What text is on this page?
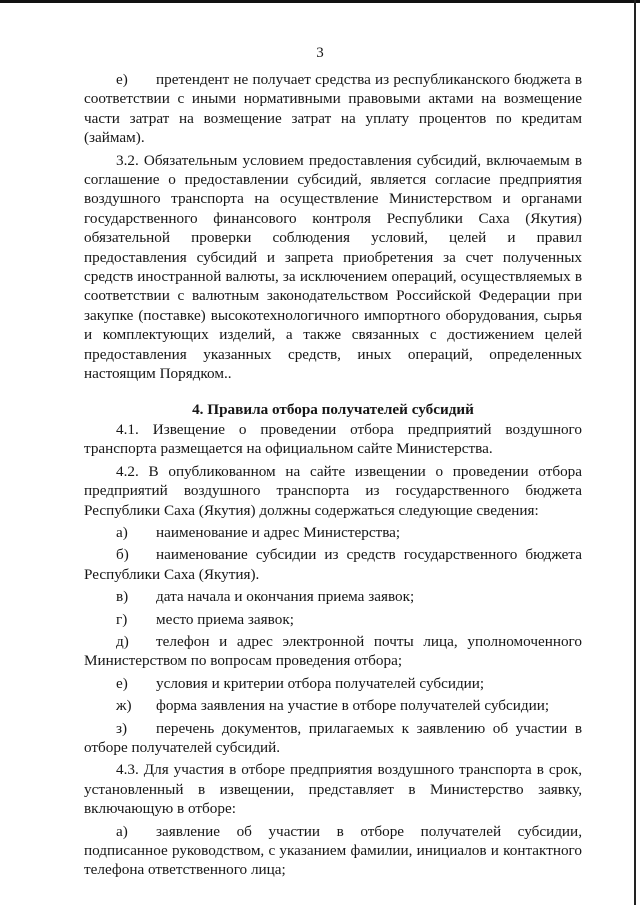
3

е) претендент не получает средства из республиканского бюджета в соответствии с иными нормативными правовыми актами на возмещение части затрат на возмещение затрат на уплату процентов по кредитам (займам).

3.2. Обязательным условием предоставления субсидий, включаемым в соглашение о предоставлении субсидий, является согласие предприятия воздушного транспорта на осуществление Министерством и органами государственного финансового контроля Республики Саха (Якутия) обязательной проверки соблюдения условий, целей и правил предоставления субсидий и запрета приобретения за счет полученных средств иностранной валюты, за исключением операций, осуществляемых в соответствии с валютным законодательством Российской Федерации при закупке (поставке) высокотехнологичного импортного оборудования, сырья и комплектующих изделий, а также связанных с достижением целей предоставления указанных средств, иных операций, определенных настоящим Порядком..

4. Правила отбора получателей субсидий

4.1. Извещение о проведении отбора предприятий воздушного транспорта размещается на официальном сайте Министерства.

4.2. В опубликованном на сайте извещении о проведении отбора предприятий воздушного транспорта из государственного бюджета Республики Саха (Якутия) должны содержаться следующие сведения:

а) наименование и адрес Министерства;

б) наименование субсидии из средств государственного бюджета Республики Саха (Якутия).

в) дата начала и окончания приема заявок;

г) место приема заявок;

д) телефон и адрес электронной почты лица, уполномоченного Министерством по вопросам проведения отбора;

е) условия и критерии отбора получателей субсидии;

ж) форма заявления на участие в отборе получателей субсидии;

з) перечень документов, прилагаемых к заявлению об участии в отборе получателей субсидий.

4.3. Для участия в отборе предприятия воздушного транспорта в срок, установленный в извещении, представляет в Министерство заявку, включающую в отборе:

а) заявление об участии в отборе получателей субсидии, подписанное руководством, с указанием фамилии, инициалов и контактного телефона ответственного лица;
